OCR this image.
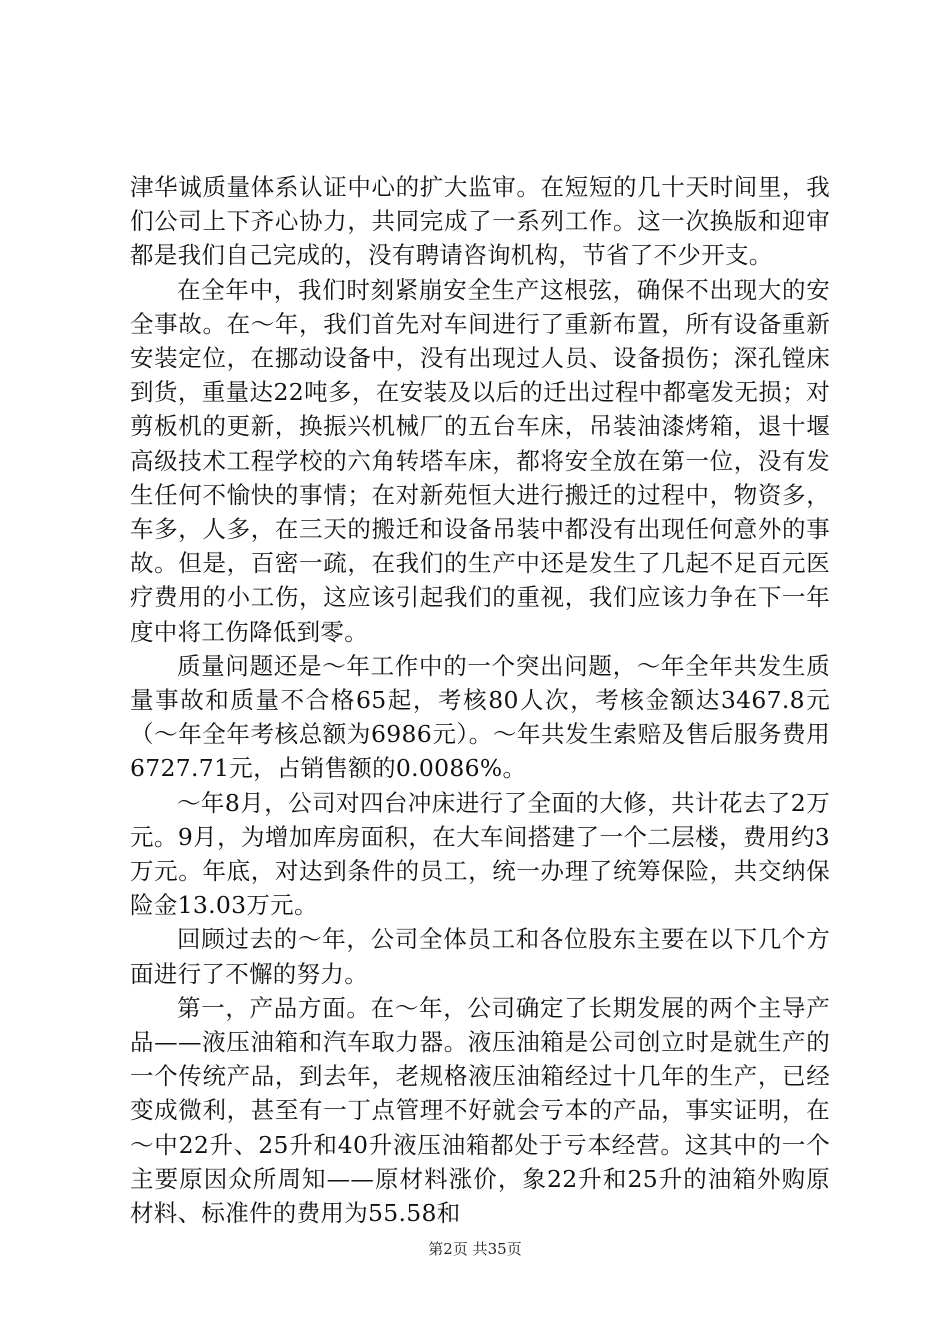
津华诚质量体系认证中心的扩大监审。在短短的几十天时间里，我们公司上下齐心协力，共同完成了一系列工作。这一次换版和迎审都是我们自己完成的，没有聘请咨询机构，节省了不少开支。

在全年中，我们时刻紧崩安全生产这根弦，确保不出现大的安全事故。在～年，我们首先对车间进行了重新布置，所有设备重新安装定位，在挪动设备中，没有出现过人员、设备损伤；深孔镗床到货，重量达22吨多，在安装及以后的迁出过程中都毫发无损；对剪板机的更新，换振兴机械厂的五台车床，吊装油漆烤箱，退十堰高级技术工程学校的六角转塔车床，都将安全放在第一位，没有发生任何不愉快的事情；在对新苑恒大进行搬迁的过程中，物资多，车多，人多，在三天的搬迁和设备吊装中都没有出现任何意外的事故。但是，百密一疏，在我们的生产中还是发生了几起不足百元医疗费用的小工伤，这应该引起我们的重视，我们应该力争在下一年度中将工伤降低到零。

质量问题还是～年工作中的一个突出问题，～年全年共发生质量事故和质量不合格65起，考核80人次，考核金额达3467.8元（～年全年考核总额为6986元）。～年共发生索赔及售后服务费用6727.71元，占销售额的0.0086%。

～年8月，公司对四台冲床进行了全面的大修，共计花去了2万元。9月，为增加库房面积，在大车间搭建了一个二层楼，费用约3万元。年底，对达到条件的员工，统一办理了统筹保险，共交纳保险金13.03万元。

回顾过去的～年，公司全体员工和各位股东主要在以下几个方面进行了不懈的努力。

第一，产品方面。在～年，公司确定了长期发展的两个主导产品——液压油箱和汽车取力器。液压油箱是公司创立时是就生产的一个传统产品，到去年，老规格液压油箱经过十几年的生产，已经变成微利，甚至有一丁点管理不好就会亏本的产品，事实证明，在～中22升、25升和40升液压油箱都处于亏本经营。这其中的一个主要原因众所周知——原材料涨价，象22升和25升的油箱外购原材料、标准件的费用为55.58和

第2页 共35页
